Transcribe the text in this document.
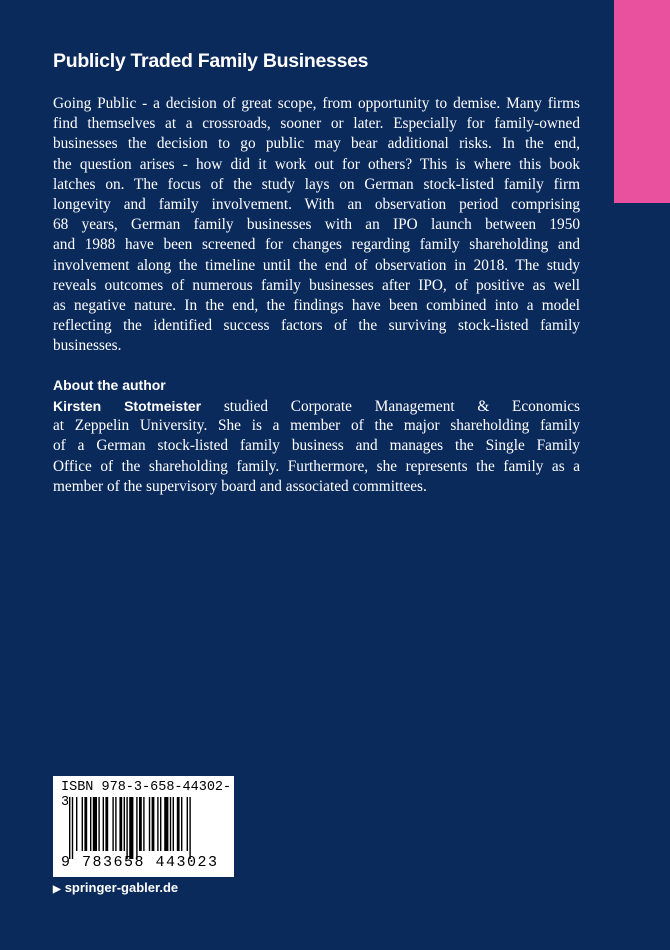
Publicly Traded Family Businesses
Going Public - a decision of great scope, from opportunity to demise. Many firms
find themselves at a crossroads, sooner or later. Especially for family-owned
businesses the decision to go public may bear additional risks. In the end,
the question arises - how did it work out for others? This is where this book
latches on. The focus of the study lays on German stock-listed family firm
longevity and family involvement. With an observation period comprising
68 years, German family businesses with an IPO launch between 1950
and 1988 have been screened for changes regarding family shareholding and
involvement along the timeline until the end of observation in 2018. The study
reveals outcomes of numerous family businesses after IPO, of positive as well
as negative nature. In the end, the findings have been combined into a model
reflecting the identified success factors of the surviving stock-listed family
businesses.
About the author
Kirsten Stotmeister studied Corporate Management & Economics
at Zeppelin University. She is a member of the major shareholding family
of a German stock-listed family business and manages the Single Family
Office of the shareholding family. Furthermore, she represents the family as a
member of the supervisory board and associated committees.
ISBN 978-3-658-44302-3
9 783658 443023
▶ springer-gabler.de
